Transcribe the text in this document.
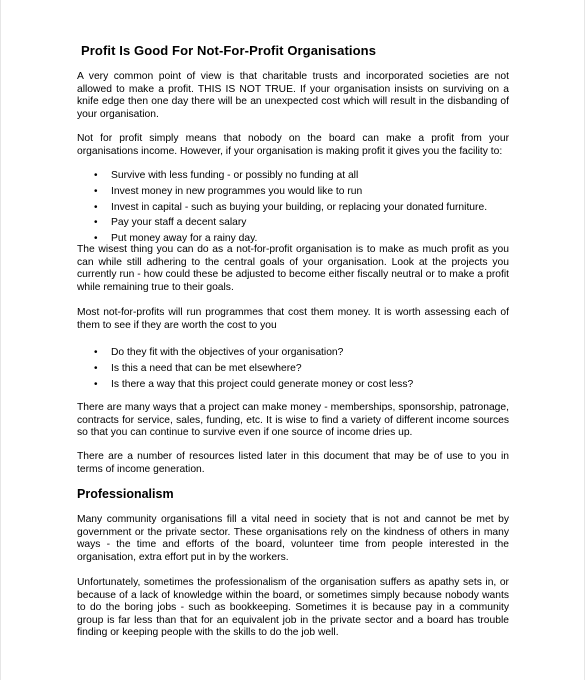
Profit Is Good For Not-For-Profit Organisations

A very common point of view is that charitable trusts and incorporated societies are not allowed to make a profit. THIS IS NOT TRUE. If your organisation insists on surviving on a knife edge then one day there will be an unexpected cost which will result in the disbanding of your organisation.

Not for profit simply means that nobody on the board can make a profit from your organisations income. However, if your organisation is making profit it gives you the facility to:

• Survive with less funding - or possibly no funding at all
• Invest money in new programmes you would like to run
• Invest in capital - such as buying your building, or replacing your donated furniture.
• Pay your staff a decent salary
• Put money away for a rainy day.

The wisest thing you can do as a not-for-profit organisation is to make as much profit as you can while still adhering to the central goals of your organisation. Look at the projects you currently run - how could these be adjusted to become either fiscally neutral or to make a profit while remaining true to their goals.

Most not-for-profits will run programmes that cost them money. It is worth assessing each of them to see if they are worth the cost to you

• Do they fit with the objectives of your organisation?
• Is this a need that can be met elsewhere?
• Is there a way that this project could generate money or cost less?

There are many ways that a project can make money - memberships, sponsorship, patronage, contracts for service, sales, funding, etc. It is wise to find a variety of different income sources so that you can continue to survive even if one source of income dries up.

There are a number of resources listed later in this document that may be of use to you in terms of income generation.

Professionalism

Many community organisations fill a vital need in society that is not and cannot be met by government or the private sector. These organisations rely on the kindness of others in many ways - the time and efforts of the board, volunteer time from people interested in the organisation, extra effort put in by the workers.

Unfortunately, sometimes the professionalism of the organisation suffers as apathy sets in, or because of a lack of knowledge within the board, or sometimes simply because nobody wants to do the boring jobs - such as bookkeeping. Sometimes it is because pay in a community group is far less than that for an equivalent job in the private sector and a board has trouble finding or keeping people with the skills to do the job well.
